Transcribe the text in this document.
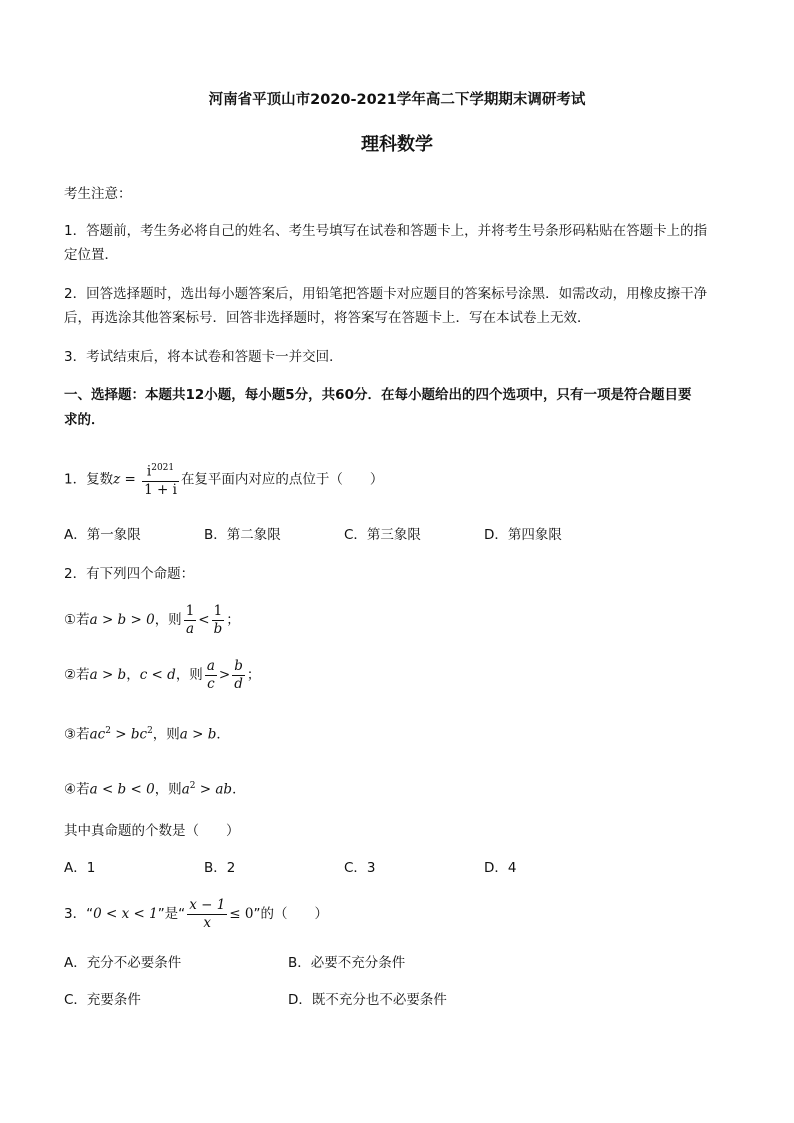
河南省平顶山市2020-2021学年高二下学期期末调研考试
理科数学
考生注意：
1．答题前，考生务必将自己的姓名、考生号填写在试卷和答题卡上，并将考生号条形码粘贴在答题卡上的指
定位置．
2．回答选择题时，选出每小题答案后，用铅笔把答题卡对应题目的答案标号涂黑．如需改动，用橡皮擦干净
后，再选涂其他答案标号．回答非选择题时，将答案写在答题卡上．写在本试卷上无效．
3．考试结束后，将本试卷和答题卡一并交回．
一、选择题：本题共12小题，每小题5分，共60分．在每小题给出的四个选项中，只有一项是符合题目要
求的．
1．复数$z = \frac{i^{2021}}{1 + i}$ 在复平面内对应的点位于（　　）
A．第一象限	B．第二象限	C．第三象限	D．第四象限
2．有下列四个命题：
①若a > b > 0，则 $\frac{1}{a} < \frac{1}{b}$ ；
②若a > b，c < d，则 $\frac{a}{c} > \frac{b}{d}$ ；
③若$ac^2 > bc^2$，则a > b．
④若a < b < 0，则$a^2$ > ab．
其中真命题的个数是（　　）
A．1	B．2	C．3	D．4
3．“0 < x < 1”是“ $\frac{x - 1}{x} \le 0$”的（　　）
A．充分不必要条件	B．必要不充分条件
C．充要条件	D．既不充分也不必要条件
